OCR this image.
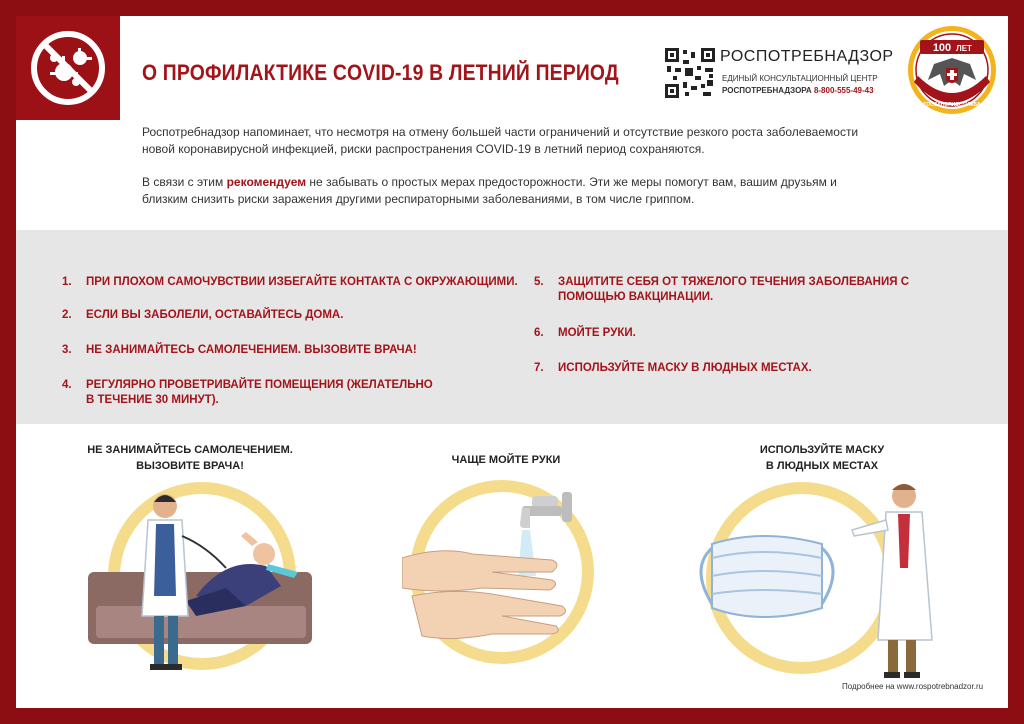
О ПРОФИЛАКТИКЕ COVID-19 В ЛЕТНИЙ ПЕРИОД
РОСПОТРЕБНАДЗОР
ЕДИНЫЙ КОНСУЛЬТАЦИОННЫЙ ЦЕНТР
РОСПОТРЕБНАДЗОРА 8-800-555-49-43
100 ЛЕТ
ГОССАНЭПИДСЛУЖБА

Роспотребнадзор напоминает, что несмотря на отмену большей части ограничений и отсутствие резкого роста заболеваемости новой коронавирусной инфекцией, риски распространения COVID-19 в летний период сохраняются.

В связи с этим рекомендуем не забывать о простых мерах предосторожности. Эти же меры помогут вам, вашим друзьям и близким снизить риски заражения другими респираторными заболеваниями, в том числе гриппом.

1.	ПРИ ПЛОХОМ САМОЧУВСТВИИ ИЗБЕГАЙТЕ КОНТАКТА С ОКРУЖАЮЩИМИ.
2.	ЕСЛИ ВЫ ЗАБОЛЕЛИ, ОСТАВАЙТЕСЬ ДОМА.
3.	НЕ ЗАНИМАЙТЕСЬ САМОЛЕЧЕНИЕМ. ВЫЗОВИТЕ ВРАЧА!
4.	РЕГУЛЯРНО ПРОВЕТРИВАЙТЕ ПОМЕЩЕНИЯ (ЖЕЛАТЕЛЬНО В ТЕЧЕНИЕ 30 МИНУТ).
5.	ЗАЩИТИТЕ СЕБЯ ОТ ТЯЖЕЛОГО ТЕЧЕНИЯ ЗАБОЛЕВАНИЯ С ПОМОЩЬЮ ВАКЦИНАЦИИ.
6.	МОЙТЕ РУКИ.
7.	ИСПОЛЬЗУЙТЕ МАСКУ В ЛЮДНЫХ МЕСТАХ.
НЕ ЗАНИМАЙТЕСЬ САМОЛЕЧЕНИЕМ.
ВЫЗОВИТЕ ВРАЧА!	ЧАЩЕ МОЙТЕ РУКИ
ИСПОЛЬЗУЙТЕ МАСКУ
В ЛЮДНЫХ МЕСТАХ
Подробнее на www.rospotrebnadzor.ru
